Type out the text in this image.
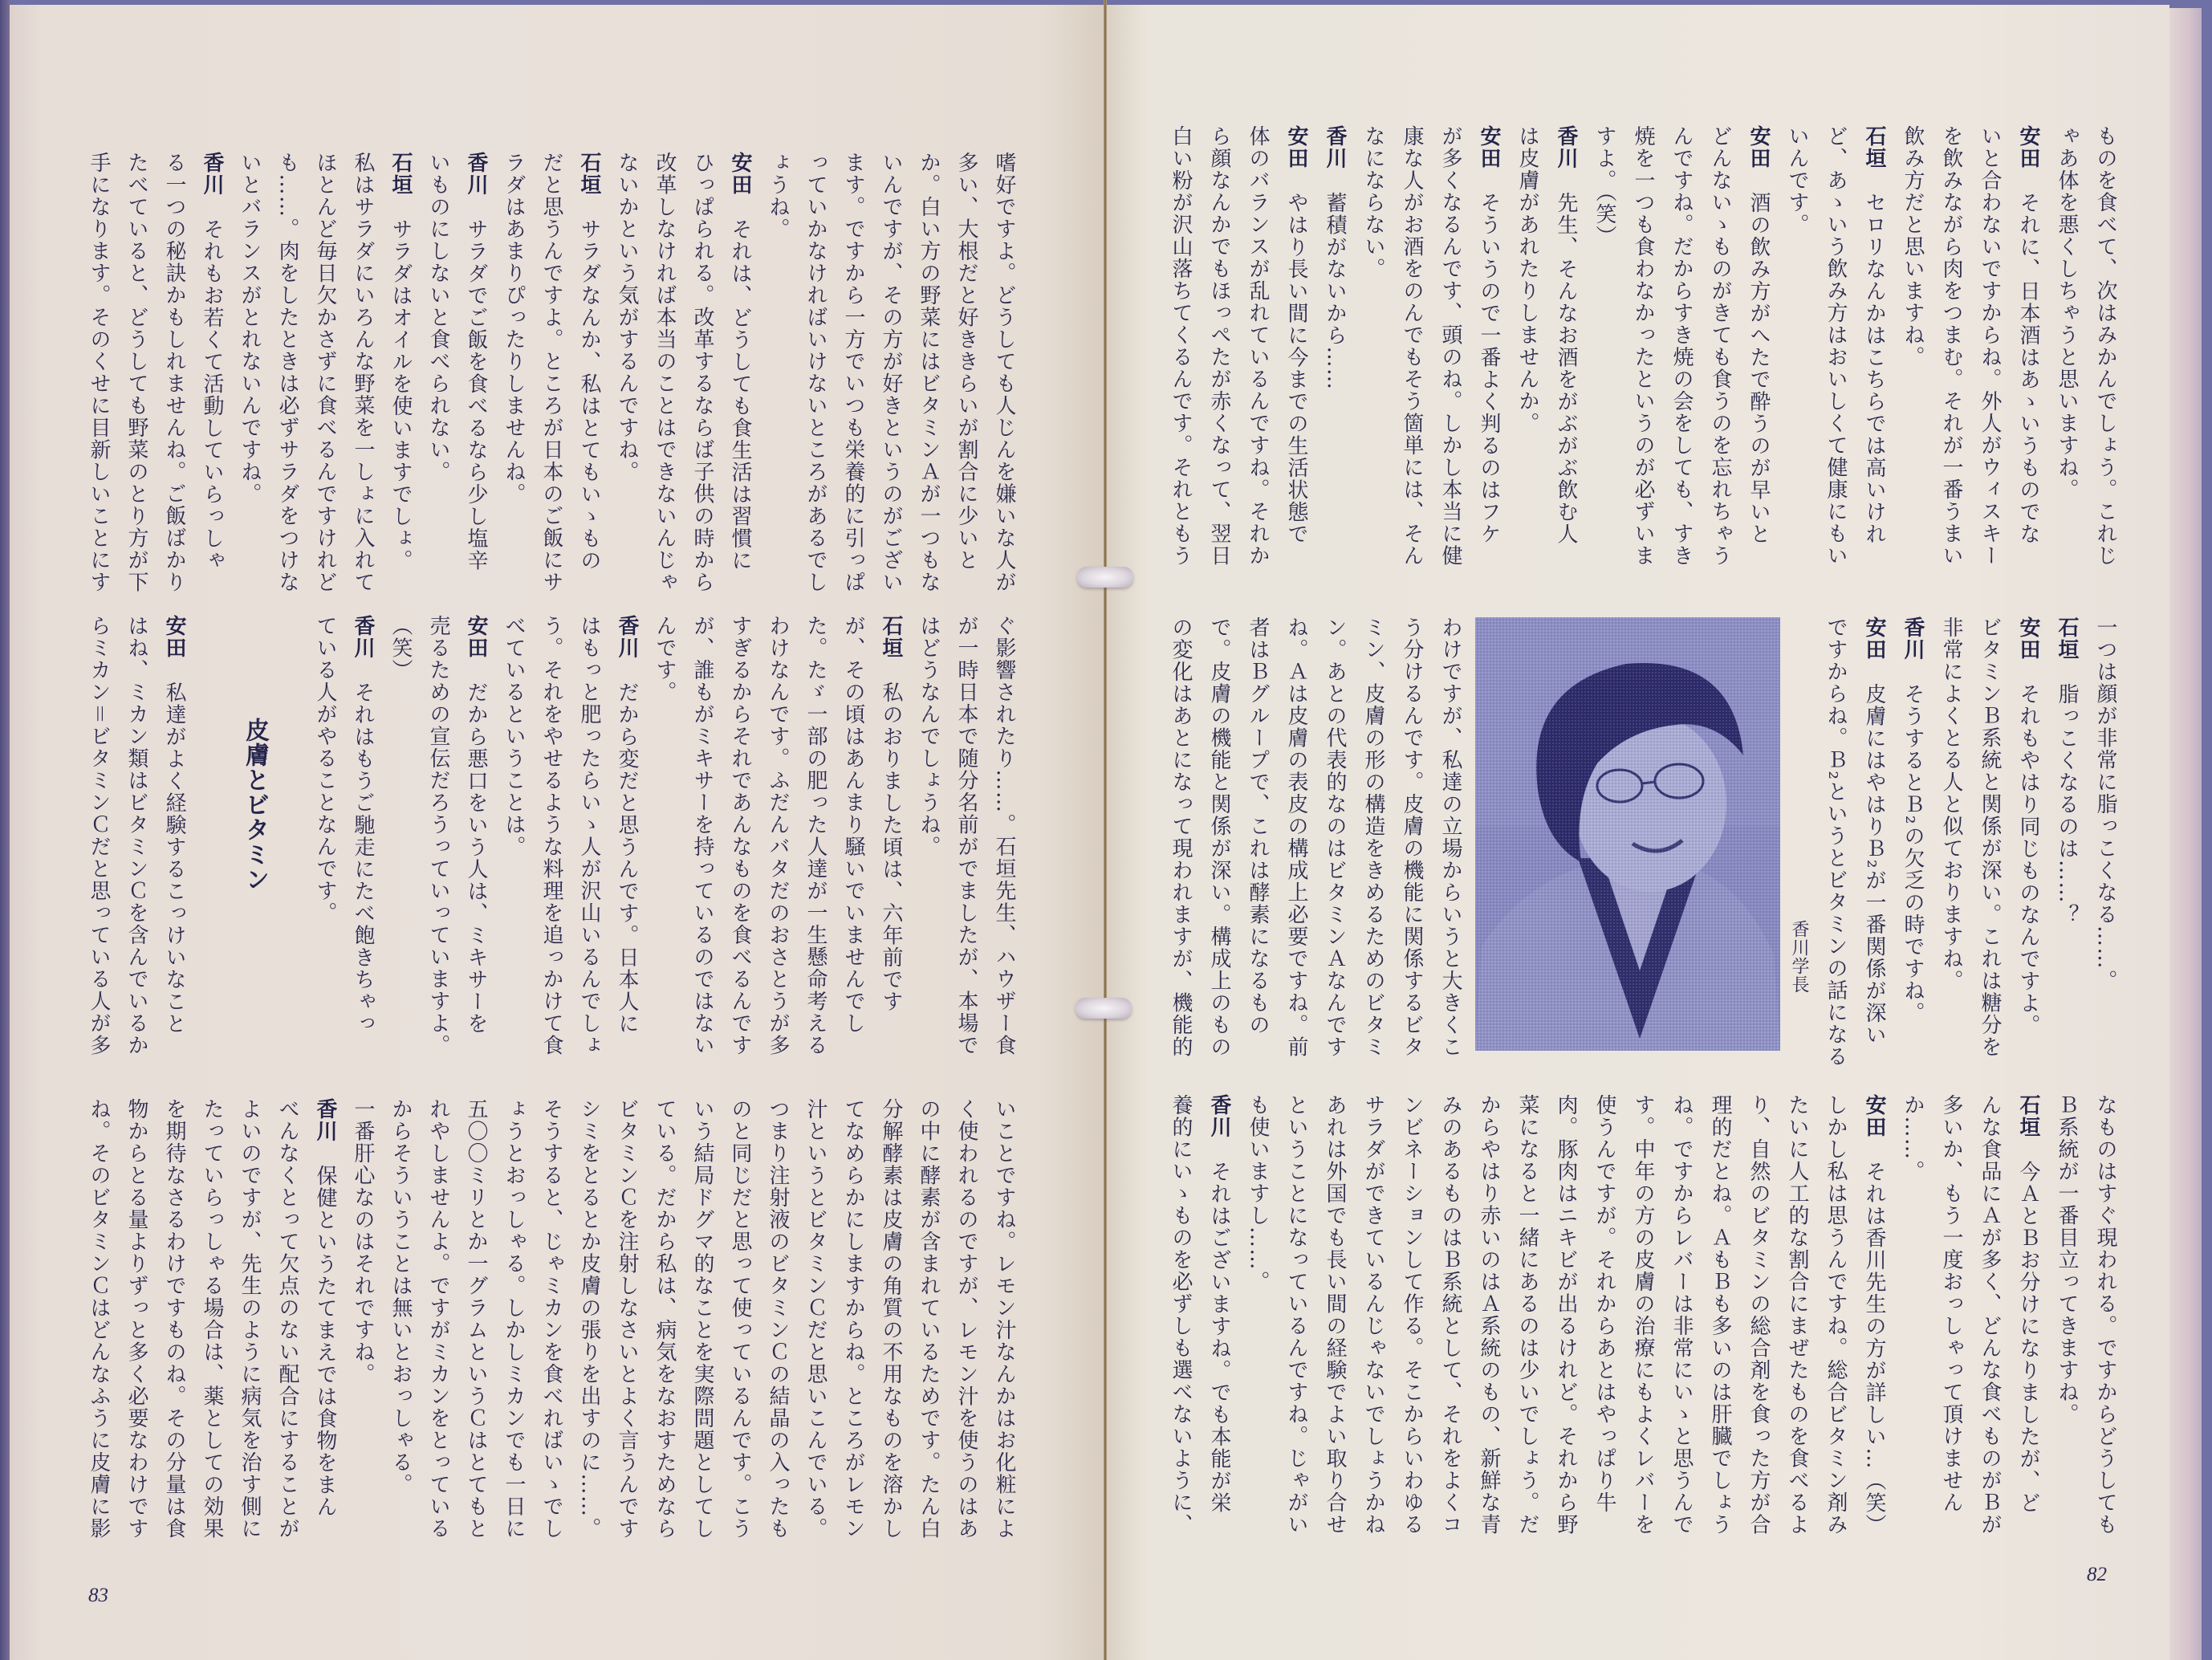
嗜好ですよ。どうしても人じんを嫌いな人が
多い、大根だと好ききらいが割合に少いと
か。白い方の野菜にはビタミンＡが一つもな
いんですが、その方が好きというのがござい
ます。ですから一方でいつも栄養的に引っぱ
っていかなければいけないところがあるでし
ょうね。
安田それは、どうしても食生活は習慣に
ひっぱられる。改革するならば子供の時から
改革しなければ本当のことはできないんじゃ
ないかという気がするんですね。
石垣サラダなんか、私はとてもいゝもの
だと思うんですよ。ところが日本のご飯にサ
ラダはあまりぴったりしませんね。
香川サラダでご飯を食べるなら少し塩辛
いものにしないと食べられない。
石垣サラダはオイルを使いますでしょ。
私はサラダにいろんな野菜を一しょに入れて
ほとんど毎日欠かさずに食べるんですけれど
も……。肉をしたときは必ずサラダをつけな
いとバランスがとれないんですね。
香川それもお若くて活動していらっしゃ
る一つの秘訣かもしれませんね。ご飯ばかり
たべていると、どうしても野菜のとり方が下
手になります。そのくせに目新しいことにす
ぐ影響されたり……。石垣先生、ハウザー食
が一時日本で随分名前がでましたが、本場で
はどうなんでしょうね。
石垣私のおりました頃は、六年前です
が、その頃はあんまり騒いでいませんでし
た。たゞ一部の肥った人達が一生懸命考える
わけなんです。ふだんバタだのおさとうが多
すぎるからそれであんなものを食べるんです
が、誰もがミキサーを持っているのではない
んです。
香川だから変だと思うんです。日本人に
はもっと肥ったらいゝ人が沢山いるんでしょ
う。それをやせるような料理を追っかけて食
べているということは。
安田だから悪口をいう人は、ミキサーを
売るための宣伝だろうっていっていますよ。
（笑）
香川それはもうご馳走にたべ飽きちゃっ
ている人がやることなんです。
皮膚とビタミン
安田私達がよく経験するこっけいなこと
はね、ミカン類はビタミンＣを含んでいるか
らミカン＝ビタミンＣだと思っている人が多
いことですね。レモン汁なんかはお化粧によ
く使われるのですが、レモン汁を使うのはあ
の中に酵素が含まれているためです。たん白
分解酵素は皮膚の角質の不用なものを溶かし
てなめらかにしますからね。ところがレモン
汁というとビタミンＣだと思いこんでいる。
つまり注射液のビタミンＣの結晶の入ったも
のと同じだと思って使っているんです。こう
いう結局ドグマ的なことを実際問題としてし
ている。だから私は、病気をなおすためなら
ビタミンＣを注射しなさいとよく言うんです
シミをとるとか皮膚の張りを出すのに……。
そうすると、じゃミカンを食べればいゝでし
ょうとおっしゃる。しかしミカンでも一日に
五〇〇ミリとか一グラムというＣはとてもと
れやしませんよ。ですがミカンをとっている
からそういうことは無いとおっしゃる。
一番肝心なのはそれですね。
香川保健というたてまえでは食物をまん
べんなくとって欠点のない配合にすることが
よいのですが、先生のように病気を治す側に
たっていらっしゃる場合は、薬としての効果
を期待なさるわけですものね。その分量は食
物からとる量よりずっと多く必要なわけです
ね。そのビタミンＣはどんなふうに皮膚に影
83
ものを食べて、次はみかんでしょう。これじ
ゃあ体を悪くしちゃうと思いますね。
安田それに、日本酒はあゝいうものでな
いと合わないですからね。外人がウィスキー
を飲みながら肉をつまむ。それが一番うまい
飲み方だと思いますね。
石垣セロリなんかはこちらでは高いけれ
ど、あゝいう飲み方はおいしくて健康にもい
いんです。
安田酒の飲み方がへたで酔うのが早いと
どんないゝものがきても食うのを忘れちゃう
んですね。だからすき焼の会をしても、すき
焼を一つも食わなかったというのが必ずいま
すよ。（笑）
香川先生、そんなお酒をがぶがぶ飲む人
は皮膚があれたりしませんか。
安田そういうので一番よく判るのはフケ
が多くなるんです、頭のね。しかし本当に健
康な人がお酒をのんでもそう箇単には、そん
なにならない。
香川蓄積がないから……
安田やはり長い間に今までの生活状態で
体のバランスが乱れているんですね。それか
ら顔なんかでもほっぺたが赤くなって、翌日
白い粉が沢山落ちてくるんです。それともう
一つは顔が非常に脂っこくなる……。
石垣脂っこくなるのは……？
安田それもやはり同じものなんですよ。
ビタミンＢ系統と関係が深い。これは糖分を
非常によくとる人と似ておりますね。
香川そうするとＢ₂の欠乏の時ですね。
安田皮膚にはやはりＢ₂が一番関係が深い
ですからね。Ｂ₂というとビタミンの話になる
香川学長
わけですが、私達の立場からいうと大きくこ
う分けるんです。皮膚の機能に関係するビタ
ミン、皮膚の形の構造をきめるためのビタミ
ン。あとの代表的なのはビタミンＡなんです
ね。Ａは皮膚の表皮の構成上必要ですね。前
者はＢグループで、これは酵素になるもの
で。皮膚の機能と関係が深い。構成上のもの
の変化はあとになって現われますが、機能的
なものはすぐ現われる。ですからどうしても
Ｂ系統が一番目立ってきますね。
石垣今ＡとＢお分けになりましたが、ど
んな食品にＡが多く、どんな食べものがＢが
多いか、もう一度おっしゃって頂けません
か……。
安田それは香川先生の方が詳しい…（笑）
しかし私は思うんですね。総合ビタミン剤み
たいに人工的な割合にまぜたものを食べるよ
り、自然のビタミンの総合剤を食った方が合
理的だとね。ＡもＢも多いのは肝臓でしょう
ね。ですからレバーは非常にいゝと思うんで
す。中年の方の皮膚の治療にもよくレバーを
使うんですが。それからあとはやっぱり牛
肉。豚肉はニキビが出るけれど。それから野
菜になると一緒にあるのは少いでしょう。だ
からやはり赤いのはＡ系統のもの、新鮮な青
みのあるものはＢ系統として、それをよくコ
ンビネーションして作る。そこからいわゆる
サラダができているんじゃないでしょうかね
あれは外国でも長い間の経験でよい取り合せ
ということになっているんですね。じゃがい
も使いますし……。
香川それはございますね。でも本能が栄
養的にいゝものを必ずしも選べないように、
82
